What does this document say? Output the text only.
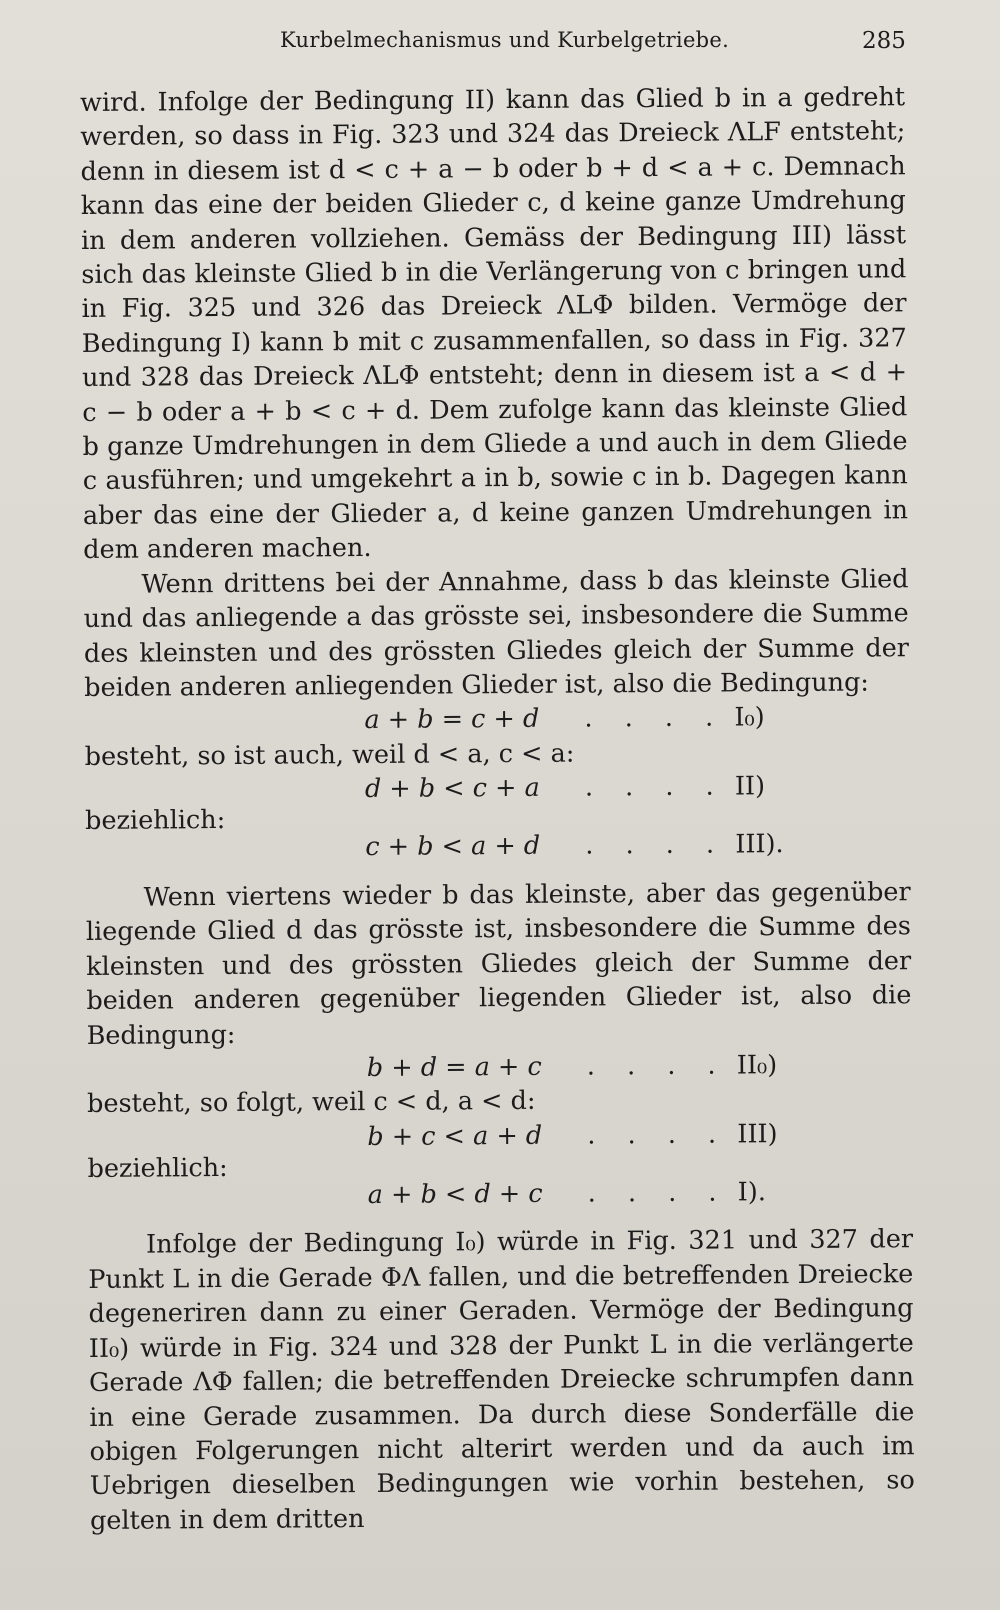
Kurbelmechanismus und Kurbelgetriebe.	285

wird. Infolge der Bedingung II) kann das Glied b in a gedreht werden, so dass in Fig. 323 und 324 das Dreieck ΛLF entsteht; denn in diesem ist d < c + a − b oder b + d < a + c. Demnach kann das eine der beiden Glieder c, d keine ganze Umdrehung in dem anderen vollziehen. Gemäss der Bedingung III) lässt sich das kleinste Glied b in die Verlängerung von c bringen und in Fig. 325 und 326 das Dreieck ΛLΦ bilden. Vermöge der Bedingung I) kann b mit c zusammenfallen, so dass in Fig. 327 und 328 das Dreieck ΛLΦ entsteht; denn in diesem ist a < d + c − b oder a + b < c + d. Dem zufolge kann das kleinste Glied b ganze Umdrehungen in dem Gliede a und auch in dem Gliede c ausführen; und umgekehrt a in b, sowie c in b. Dagegen kann aber das eine der Glieder a, d keine ganzen Umdrehungen in dem anderen machen.

Wenn drittens bei der Annahme, dass b das kleinste Glied und das anliegende a das grösste sei, insbesondere die Summe des kleinsten und des grössten Gliedes gleich der Summe der beiden anderen anliegenden Glieder ist, also die Bedingung:

a + b = c + d . . . . I₀)
besteht, so ist auch, weil d < a, c < a:
d + b < c + a . . . . II)
beziehlich:
c + b < a + d . . . . III).

Wenn viertens wieder b das kleinste, aber das gegenüber liegende Glied d das grösste ist, insbesondere die Summe des kleinsten und des grössten Gliedes gleich der Summe der beiden anderen gegenüber liegenden Glieder ist, also die Bedingung:

b + d = a + c . . . . II₀)
besteht, so folgt, weil c < d, a < d:
b + c < a + d . . . . III)
beziehlich:
a + b < d + c . . . . I).

Infolge der Bedingung I₀) würde in Fig. 321 und 327 der Punkt L in die Gerade ΦΛ fallen, und die betreffenden Dreiecke degeneriren dann zu einer Geraden. Vermöge der Bedingung II₀) würde in Fig. 324 und 328 der Punkt L in die verlängerte Gerade ΛΦ fallen; die betreffenden Dreiecke schrumpfen dann in eine Gerade zusammen. Da durch diese Sonderfälle die obigen Folgerungen nicht alterirt werden und da auch im Uebrigen dieselben Bedingungen wie vorhin bestehen, so gelten in dem dritten
